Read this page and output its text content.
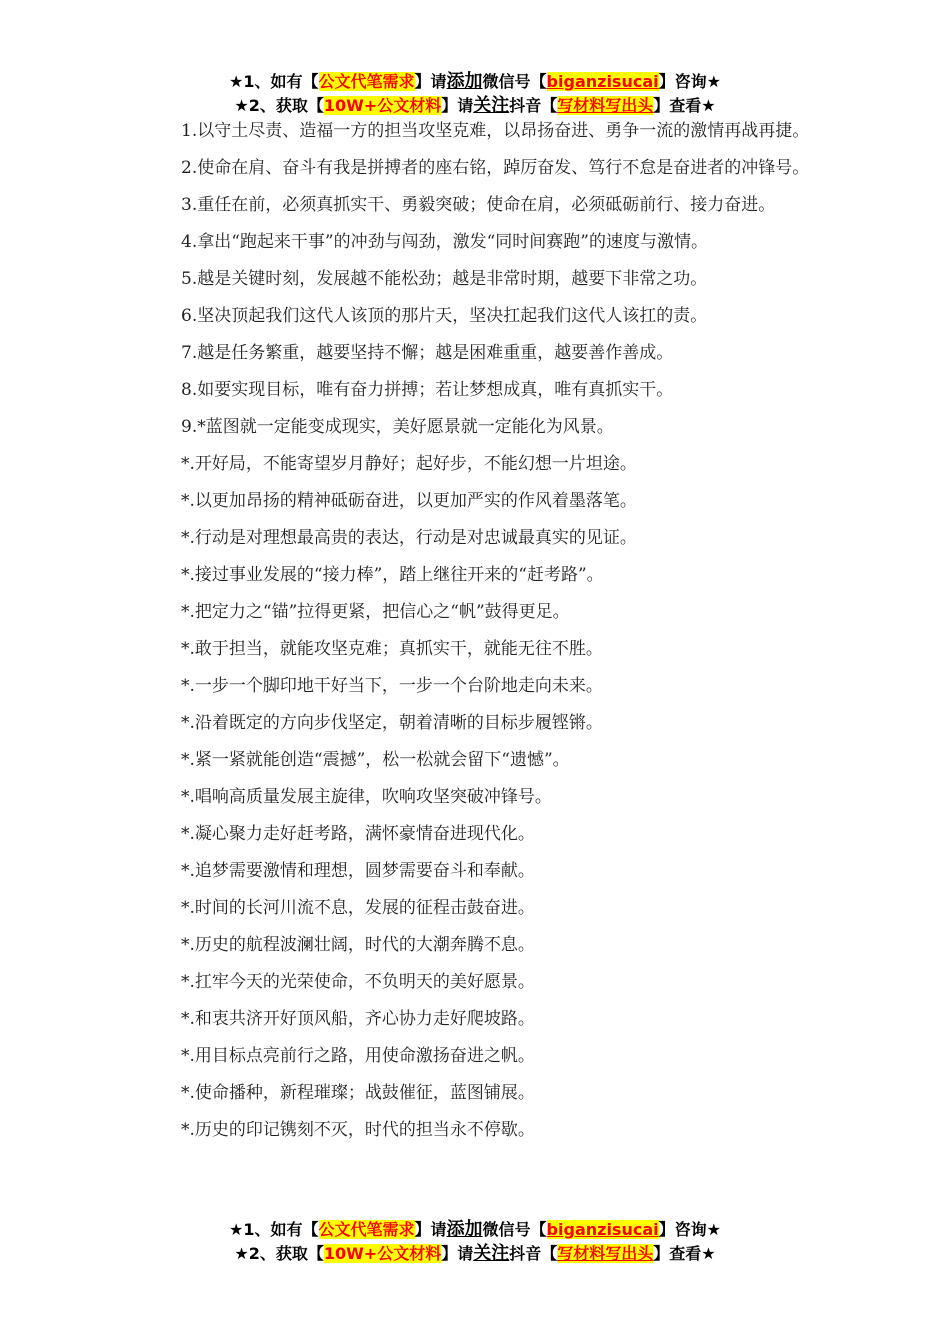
★1、如有【公文代笔需求】请添加微信号【biganzisucai】咨询★
★2、获取【10W+公文材料】请关注抖音【写材料写出头】查看★

1.以守土尽责、造福一方的担当攻坚克难，以昂扬奋进、勇争一流的激情再战再捷。

2.使命在肩、奋斗有我是拼搏者的座右铭，踔厉奋发、笃行不怠是奋进者的冲锋号。

3.重任在前，必须真抓实干、勇毅突破；使命在肩，必须砥砺前行、接力奋进。

4.拿出“跑起来干事”的冲劲与闯劲，激发“同时间赛跑”的速度与激情。

5.越是关键时刻，发展越不能松劲；越是非常时期，越要下非常之功。

6.坚决顶起我们这代人该顶的那片天，坚决扛起我们这代人该扛的责。

7.越是任务繁重，越要坚持不懈；越是困难重重，越要善作善成。

8.如要实现目标，唯有奋力拼搏；若让梦想成真，唯有真抓实干。

9.*蓝图就一定能变成现实，美好愿景就一定能化为风景。

*.开好局，不能寄望岁月静好；起好步，不能幻想一片坦途。

*.以更加昂扬的精神砥砺奋进，以更加严实的作风着墨落笔。

*.行动是对理想最高贵的表达，行动是对忠诚最真实的见证。

*.接过事业发展的“接力棒”，踏上继往开来的“赶考路”。

*.把定力之“锚”拉得更紧，把信心之“帆”鼓得更足。

*.敢于担当，就能攻坚克难；真抓实干，就能无往不胜。

*.一步一个脚印地干好当下，一步一个台阶地走向未来。

*.沿着既定的方向步伐坚定，朝着清晰的目标步履铿锵。

*.紧一紧就能创造“震撼”，松一松就会留下“遗憾”。

*.唱响高质量发展主旋律，吹响攻坚突破冲锋号。

*.凝心聚力走好赶考路，满怀豪情奋进现代化。

*.追梦需要激情和理想，圆梦需要奋斗和奉献。

*.时间的长河川流不息，发展的征程击鼓奋进。

*.历史的航程波澜壮阔，时代的大潮奔腾不息。

*.扛牢今天的光荣使命，不负明天的美好愿景。

*.和衷共济开好顶风船，齐心协力走好爬坡路。

*.用目标点亮前行之路，用使命激扬奋进之帆。

*.使命播种，新程璀璨；战鼓催征，蓝图铺展。

*.历史的印记镌刻不灭，时代的担当永不停歇。

★1、如有【公文代笔需求】请添加微信号【biganzisucai】咨询★
★2、获取【10W+公文材料】请关注抖音【写材料写出头】查看★
